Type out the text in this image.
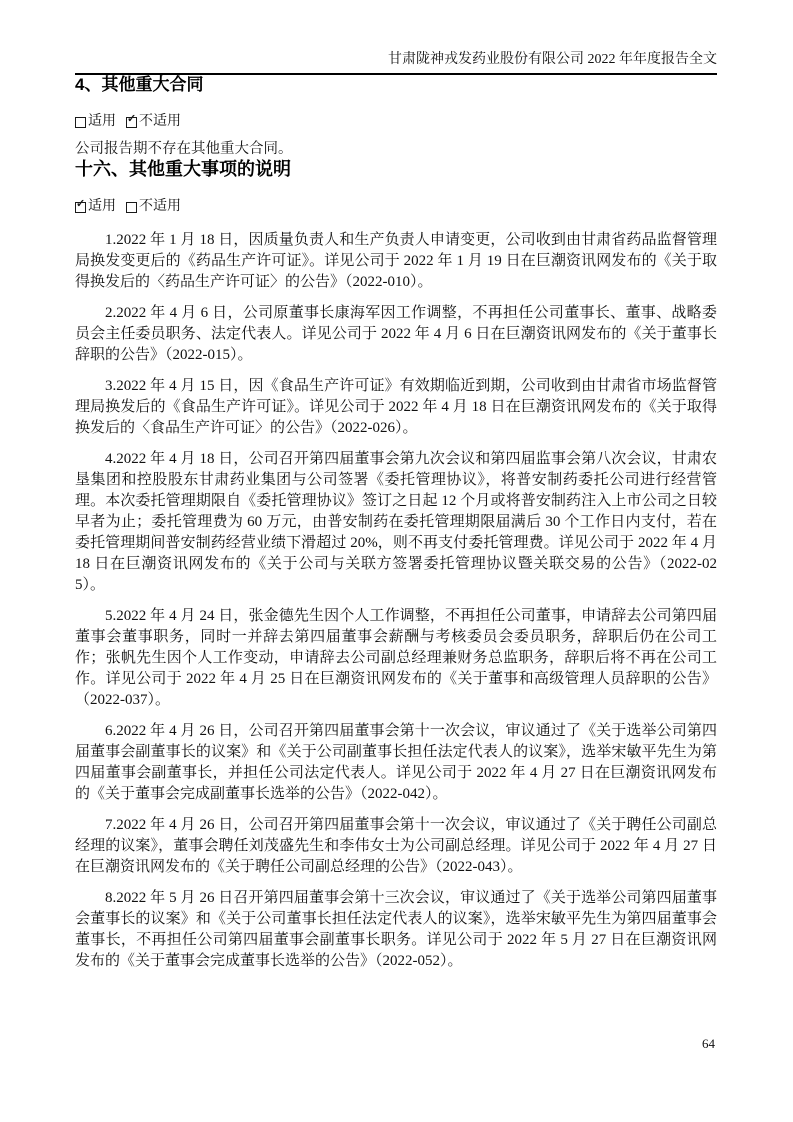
甘肃陇神戎发药业股份有限公司 2022 年年度报告全文
4、其他重大合同
适用 ✓ 不适用

公司报告期不存在其他重大合同。

十六、其他重大事项的说明
✓ 适用 不适用

1.2022 年 1 月 18 日，因质量负责人和生产负责人申请变更，公司收到由甘肃省药品监督管理局换发变更后的《药品生产许可证》。详见公司于 2022 年 1 月 19 日在巨潮资讯网发布的《关于取得换发后的〈药品生产许可证〉的公告》（2022-010）。

2.2022 年 4 月 6 日，公司原董事长康海军因工作调整，不再担任公司董事长、董事、战略委员会主任委员职务、法定代表人。详见公司于 2022 年 4 月 6 日在巨潮资讯网发布的《关于董事长辞职的公告》（2022-015）。

3.2022 年 4 月 15 日，因《食品生产许可证》有效期临近到期，公司收到由甘肃省市场监督管理局换发后的《食品生产许可证》。详见公司于 2022 年 4 月 18 日在巨潮资讯网发布的《关于取得换发后的〈食品生产许可证〉的公告》（2022-026）。

4.2022 年 4 月 18 日，公司召开第四届董事会第九次会议和第四届监事会第八次会议，甘肃农垦集团和控股股东甘肃药业集团与公司签署《委托管理协议》，将普安制药委托公司进行经营管理。本次委托管理期限自《委托管理协议》签订之日起 12 个月或将普安制药注入上市公司之日较早者为止；委托管理费为 60 万元，由普安制药在委托管理期限届满后 30 个工作日内支付，若在委托管理期间普安制药经营业绩下滑超过 20%，则不再支付委托管理费。详见公司于 2022 年 4 月 18 日在巨潮资讯网发布的《关于公司与关联方签署委托管理协议暨关联交易的公告》（2022-025）。

5.2022 年 4 月 24 日，张金德先生因个人工作调整，不再担任公司董事，申请辞去公司第四届董事会董事职务，同时一并辞去第四届董事会薪酬与考核委员会委员职务，辞职后仍在公司工作；张帆先生因个人工作变动，申请辞去公司副总经理兼财务总监职务，辞职后将不再在公司工作。详见公司于 2022 年 4 月 25 日在巨潮资讯网发布的《关于董事和高级管理人员辞职的公告》（2022-037）。

6.2022 年 4 月 26 日，公司召开第四届董事会第十一次会议，审议通过了《关于选举公司第四届董事会副董事长的议案》和《关于公司副董事长担任法定代表人的议案》，选举宋敏平先生为第四届董事会副董事长，并担任公司法定代表人。详见公司于 2022 年 4 月 27 日在巨潮资讯网发布的《关于董事会完成副董事长选举的公告》（2022-042）。

7.2022 年 4 月 26 日，公司召开第四届董事会第十一次会议，审议通过了《关于聘任公司副总经理的议案》，董事会聘任刘茂盛先生和李伟女士为公司副总经理。详见公司于 2022 年 4 月 27 日在巨潮资讯网发布的《关于聘任公司副总经理的公告》（2022-043）。

8.2022 年 5 月 26 日召开第四届董事会第十三次会议，审议通过了《关于选举公司第四届董事会董事长的议案》和《关于公司董事长担任法定代表人的议案》，选举宋敏平先生为第四届董事会董事长，不再担任公司第四届董事会副董事长职务。详见公司于 2022 年 5 月 27 日在巨潮资讯网发布的《关于董事会完成董事长选举的公告》（2022-052）。

64
